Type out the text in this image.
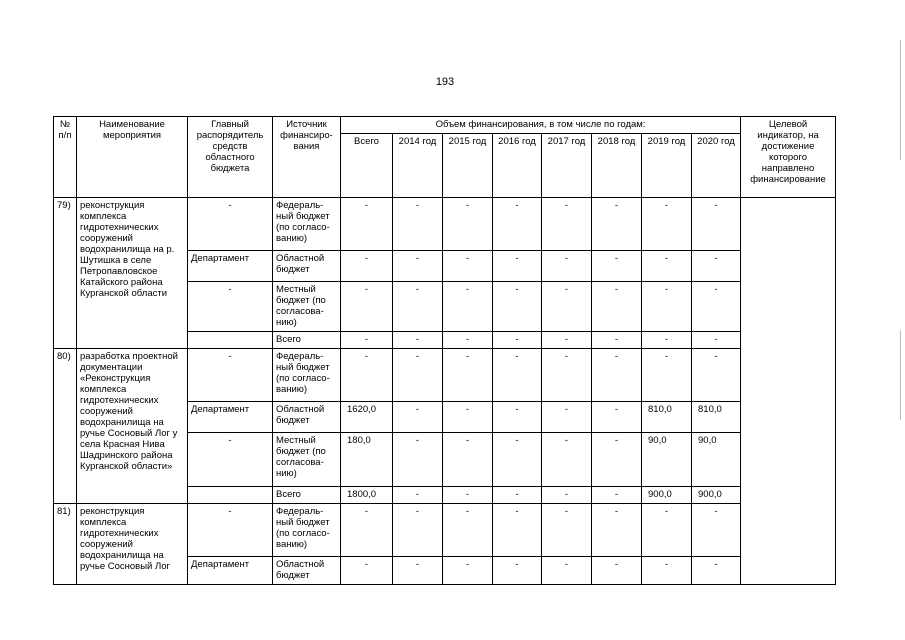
193
№ п/п	Наименование мероприятия	Главный распорядитель средств областного бюджета	Источник финансиро-вания	Объем финансирования, в том числе по годам:								Целевой индикатор, на достижение которого направлено финансирование
				Всего	2014 год	2015 год	2016 год	2017 год	2018 год	2019 год	2020 год	
79)	реконструкция комплекса гидротехнических сооружений водохранилища на р. Шутишка в селе Петропавловское Катайского района Курганской области	-	Федераль-ный бюджет (по согласо-ванию)	-	-	-	-	-	-	-	-	
		Департамент	Областной бюджет	-	-	-	-	-	-	-	-	
		-	Местный бюджет (по согласова-нию)	-	-	-	-	-	-	-	-	
			Всего	-	-	-	-	-	-	-	-	
80)	разработка проектной документации «Реконструкция комплекса гидротехнических сооружений водохранилища на ручье Сосновый Лог у села Красная Нива Шадринского района Курганской области»	-	Федераль-ный бюджет (по согласо-ванию)	-	-	-	-	-	-	-	-	
		Департамент	Областной бюджет	1620,0	-	-	-	-	-	810,0	810,0	
		-	Местный бюджет (по согласова-нию)	180,0	-	-	-	-	-	90,0	90,0	
			Всего	1800,0	-	-	-	-	-	900,0	900,0	
81)	реконструкция комплекса гидротехнических сооружений водохранилища на ручье Сосновый Лог	-	Федераль-ный бюджет (по согласо-ванию)	-	-	-	-	-	-	-	-	
		Департамент	Областной бюджет	-	-	-	-	-	-	-	-	
